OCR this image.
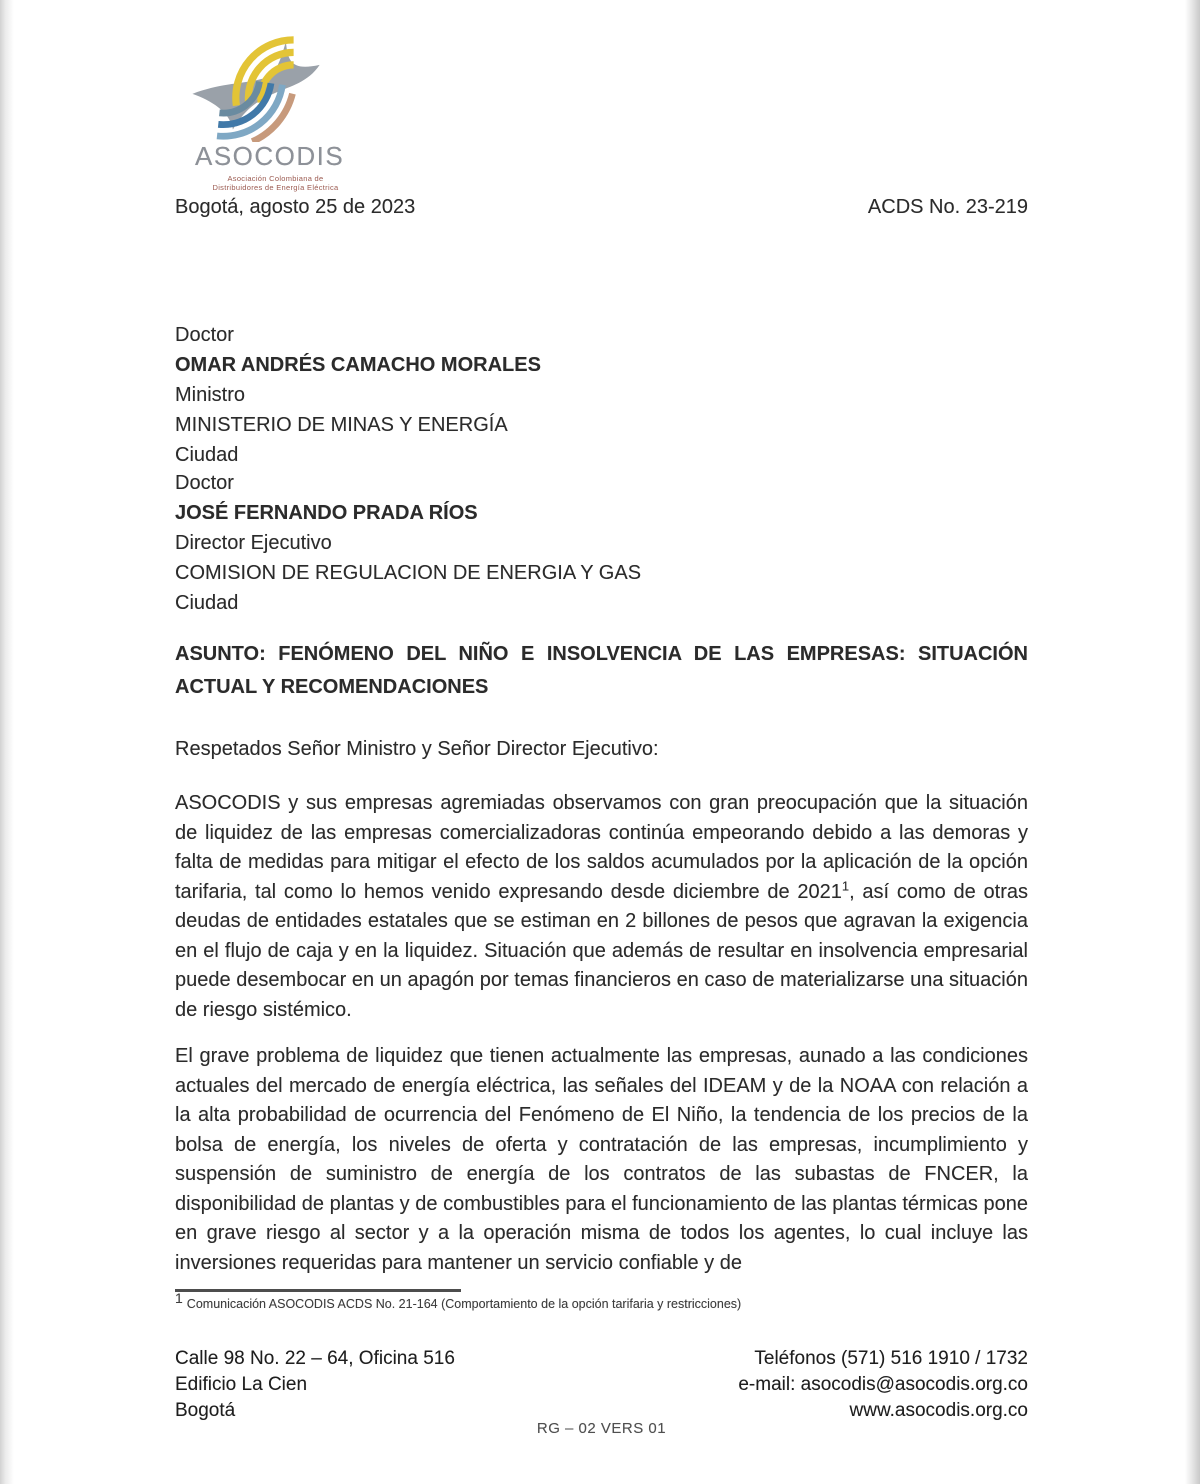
ASOCODIS
Asociación Colombiana de
Distribuidores de Energía Eléctrica
Bogotá, agosto 25 de 2023	ACDS No. 23-219
Doctor
OMAR ANDRÉS CAMACHO MORALES
Ministro
MINISTERIO DE MINAS Y ENERGÍA
Ciudad
Doctor
JOSÉ FERNANDO PRADA RÍOS
Director Ejecutivo
COMISION DE REGULACION DE ENERGIA Y GAS
Ciudad
ASUNTO: FENÓMENO DEL NIÑO E INSOLVENCIA DE LAS EMPRESAS: SITUACIÓN ACTUAL Y RECOMENDACIONES
Respetados Señor Ministro y Señor Director Ejecutivo:
ASOCODIS y sus empresas agremiadas observamos con gran preocupación que la situación de liquidez de las empresas comercializadoras continúa empeorando debido a las demoras y falta de medidas para mitigar el efecto de los saldos acumulados por la aplicación de la opción tarifaria, tal como lo hemos venido expresando desde diciembre de 2021$^1$, así como de otras deudas de entidades estatales que se estiman en 2 billones de pesos que agravan la exigencia en el flujo de caja y en la liquidez. Situación que además de resultar en insolvencia empresarial puede desembocar en un apagón por temas financieros en caso de materializarse una situación de riesgo sistémico.
El grave problema de liquidez que tienen actualmente las empresas, aunado a las condiciones actuales del mercado de energía eléctrica, las señales del IDEAM y de la NOAA con relación a la alta probabilidad de ocurrencia del Fenómeno de El Niño, la tendencia de los precios de la bolsa de energía, los niveles de oferta y contratación de las empresas, incumplimiento y suspensión de suministro de energía de los contratos de las subastas de FNCER, la disponibilidad de plantas y de combustibles para el funcionamiento de las plantas térmicas pone en grave riesgo al sector y a la operación misma de todos los agentes, lo cual incluye las inversiones requeridas para mantener un servicio confiable y de
$^1$ Comunicación ASOCODIS ACDS No. 21-164 (Comportamiento de la opción tarifaria y restricciones)
Calle 98 No. 22 – 64, Oficina 516
Edificio La Cien
Bogotá
Teléfonos (571) 516 1910 / 1732
e-mail: asocodis@asocodis.org.co
www.asocodis.org.co
RG – 02 VERS 01
